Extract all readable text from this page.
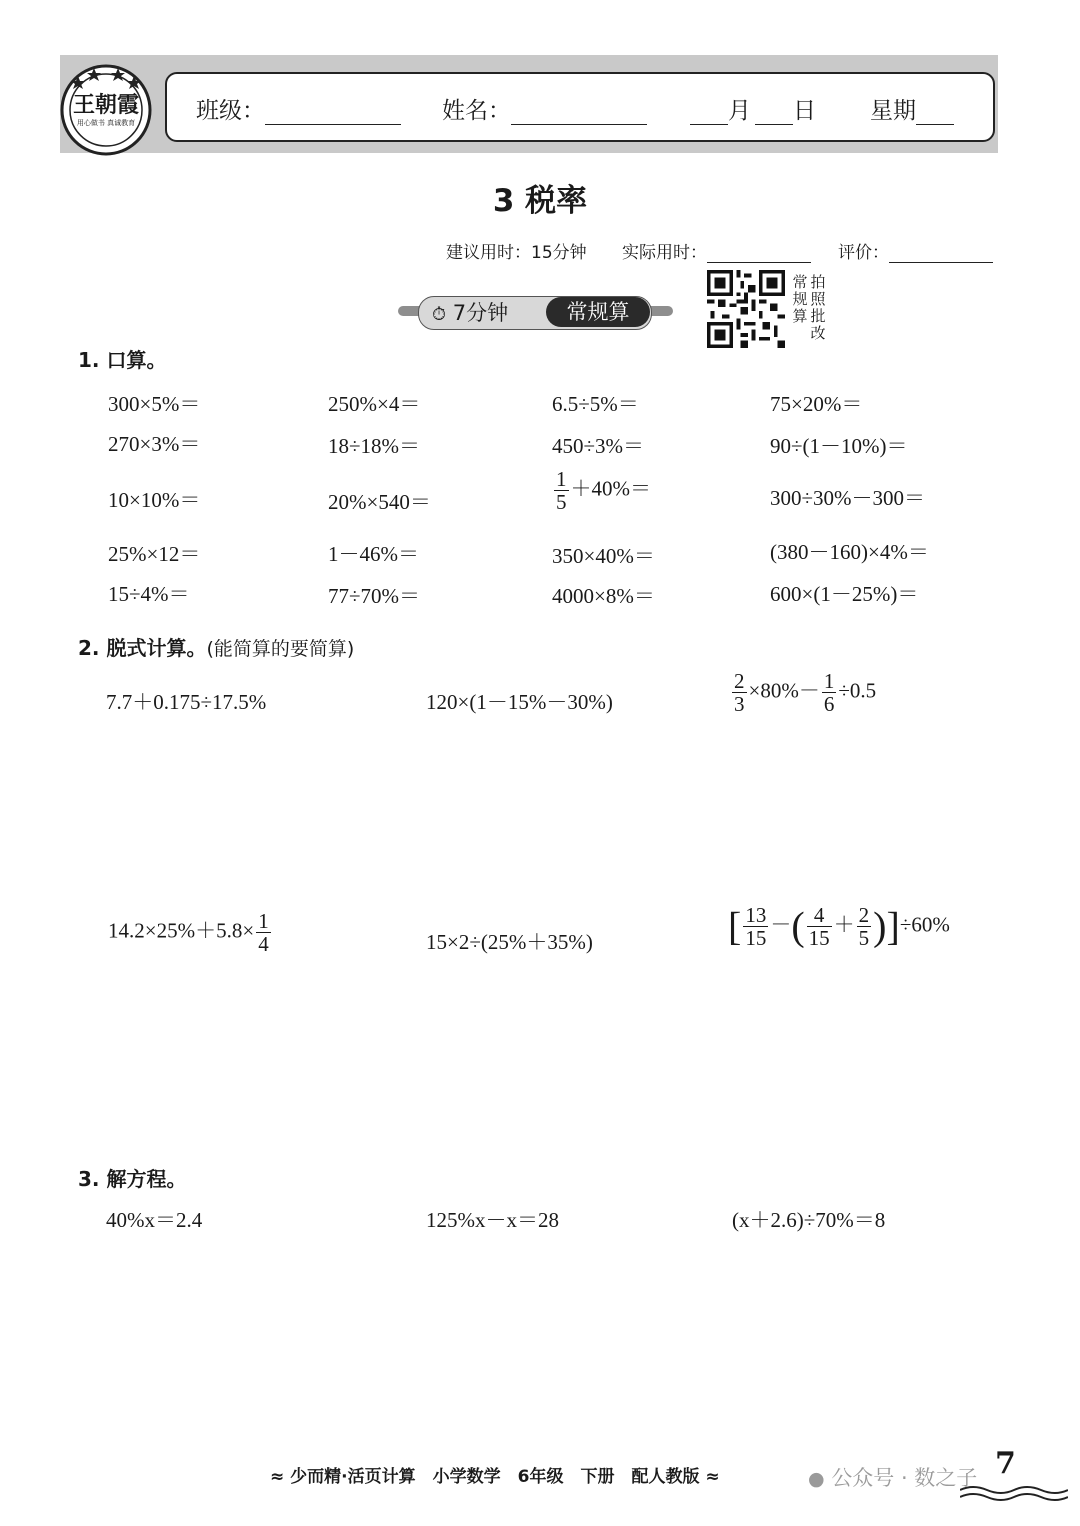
王朝霞
用心做书 真诚教育	班级：	姓名：	月 日 星期
3 税率
建议用时：15分钟 实际用时：	评价：
⏱ 7分钟	常规算
常规算
拍照批改
1. 口算。
300×5%＝	250%×4＝	6.5÷5%＝	75×20%＝
270×3%＝	18÷18%＝	450÷3%＝	90÷(1－10%)＝
10×10%＝	20%×540＝	$\frac{1}{5} +40\%=$	300÷30%－300＝
25%×12＝	1－46%＝	350×40%＝	(380－160)×4%＝
15÷4%＝	77÷70%＝	4000×8%＝	600×(1－25%)＝
2. 脱式计算。(能简算的要简算)
7.7＋0.175÷17.5%	120×(1－15%－30%)	$\frac{2}{3} \times 80\%- \frac{1}{6} \div 0.5$
$14.2\times 25\%+5.8\times \frac{1}{4}$	15×2÷(25%＋35%)	[ $\frac{13}{15}$ －( $\frac{4}{15} + \frac{2}{5} )]\div 60\%$
3. 解方程。
40%x＝2.4	125%x－x＝28	(x＋2.6)÷70%＝8
≈ 少而精·活页计算　小学数学　6年级　下册　配人教版 ≈	● 公众号 · 数之子 7
